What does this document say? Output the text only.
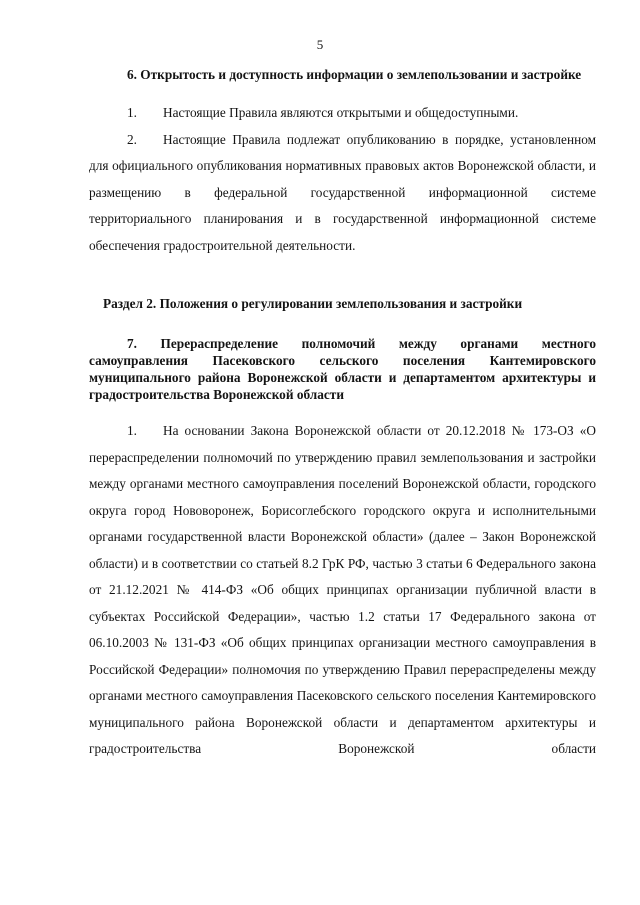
5

6. Открытость и доступность информации о землепользовании и застройке

1. Настоящие Правила являются открытыми и общедоступными.

2. Настоящие Правила подлежат опубликованию в порядке, установленном для официального опубликования нормативных правовых актов Воронежской области, и размещению в федеральной государственной информационной системе территориального планирования и в государственной информационной системе обеспечения градостроительной деятельности.

Раздел 2. Положения о регулировании землепользования и застройки

7. Перераспределение полномочий между органами местного самоуправления Пасековского сельского поселения Кантемировского муниципального района Воронежской области и департаментом архитектуры и градостроительства Воронежской области

1. На основании Закона Воронежской области от 20.12.2018 № 173-ОЗ «О перераспределении полномочий по утверждению правил землепользования и застройки между органами местного самоуправления поселений Воронежской области, городского округа город Нововоронеж, Борисоглебского городского округа и исполнительными органами государственной власти Воронежской области» (далее – Закон Воронежской области) и в соответствии со статьей 8.2 ГрК РФ, частью 3 статьи 6 Федерального закона от 21.12.2021 № 414-ФЗ «Об общих принципах организации публичной власти в субъектах Российской Федерации», частью 1.2 статьи 17 Федерального закона от 06.10.2003 № 131-ФЗ «Об общих принципах организации местного самоуправления в Российской Федерации» полномочия по утверждению Правил перераспределены между органами местного самоуправления Пасековского сельского поселения Кантемировского муниципального района Воронежской области и департаментом архитектуры и градостроительства Воронежской области
